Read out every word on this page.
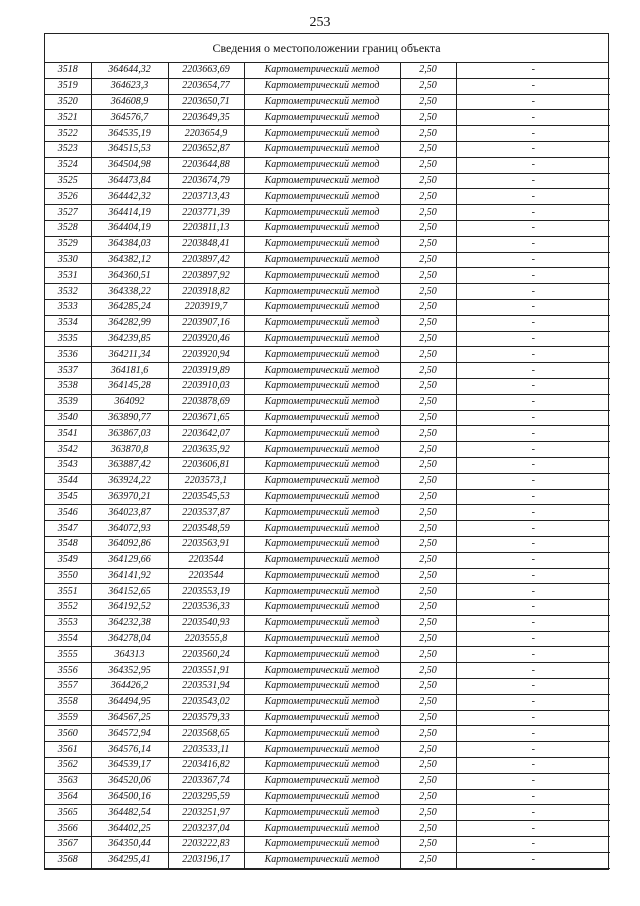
253
Сведения о местоположении границ объекта
3518	364644,32	2203663,69	Картометрический метод	2,50	-
3519	364623,3	2203654,77	Картометрический метод	2,50	-
3520	364608,9	2203650,71	Картометрический метод	2,50	-
3521	364576,7	2203649,35	Картометрический метод	2,50	-
3522	364535,19	2203654,9	Картометрический метод	2,50	-
3523	364515,53	2203652,87	Картометрический метод	2,50	-
3524	364504,98	2203644,88	Картометрический метод	2,50	-
3525	364473,84	2203674,79	Картометрический метод	2,50	-
3526	364442,32	2203713,43	Картометрический метод	2,50	-
3527	364414,19	2203771,39	Картометрический метод	2,50	-
3528	364404,19	2203811,13	Картометрический метод	2,50	-
3529	364384,03	2203848,41	Картометрический метод	2,50	-
3530	364382,12	2203897,42	Картометрический метод	2,50	-
3531	364360,51	2203897,92	Картометрический метод	2,50	-
3532	364338,22	2203918,82	Картометрический метод	2,50	-
3533	364285,24	2203919,7	Картометрический метод	2,50	-
3534	364282,99	2203907,16	Картометрический метод	2,50	-
3535	364239,85	2203920,46	Картометрический метод	2,50	-
3536	364211,34	2203920,94	Картометрический метод	2,50	-
3537	364181,6	2203919,89	Картометрический метод	2,50	-
3538	364145,28	2203910,03	Картометрический метод	2,50	-
3539	364092	2203878,69	Картометрический метод	2,50	-
3540	363890,77	2203671,65	Картометрический метод	2,50	-
3541	363867,03	2203642,07	Картометрический метод	2,50	-
3542	363870,8	2203635,92	Картометрический метод	2,50	-
3543	363887,42	2203606,81	Картометрический метод	2,50	-
3544	363924,22	2203573,1	Картометрический метод	2,50	-
3545	363970,21	2203545,53	Картометрический метод	2,50	-
3546	364023,87	2203537,87	Картометрический метод	2,50	-
3547	364072,93	2203548,59	Картометрический метод	2,50	-
3548	364092,86	2203563,91	Картометрический метод	2,50	-
3549	364129,66	2203544	Картометрический метод	2,50	-
3550	364141,92	2203544	Картометрический метод	2,50	-
3551	364152,65	2203553,19	Картометрический метод	2,50	-
3552	364192,52	2203536,33	Картометрический метод	2,50	-
3553	364232,38	2203540,93	Картометрический метод	2,50	-
3554	364278,04	2203555,8	Картометрический метод	2,50	-
3555	364313	2203560,24	Картометрический метод	2,50	-
3556	364352,95	2203551,91	Картометрический метод	2,50	-
3557	364426,2	2203531,94	Картометрический метод	2,50	-
3558	364494,95	2203543,02	Картометрический метод	2,50	-
3559	364567,25	2203579,33	Картометрический метод	2,50	-
3560	364572,94	2203568,65	Картометрический метод	2,50	-
3561	364576,14	2203533,11	Картометрический метод	2,50	-
3562	364539,17	2203416,82	Картометрический метод	2,50	-
3563	364520,06	2203367,74	Картометрический метод	2,50	-
3564	364500,16	2203295,59	Картометрический метод	2,50	-
3565	364482,54	2203251,97	Картометрический метод	2,50	-
3566	364402,25	2203237,04	Картометрический метод	2,50	-
3567	364350,44	2203222,83	Картометрический метод	2,50	-
3568	364295,41	2203196,17	Картометрический метод	2,50	-
